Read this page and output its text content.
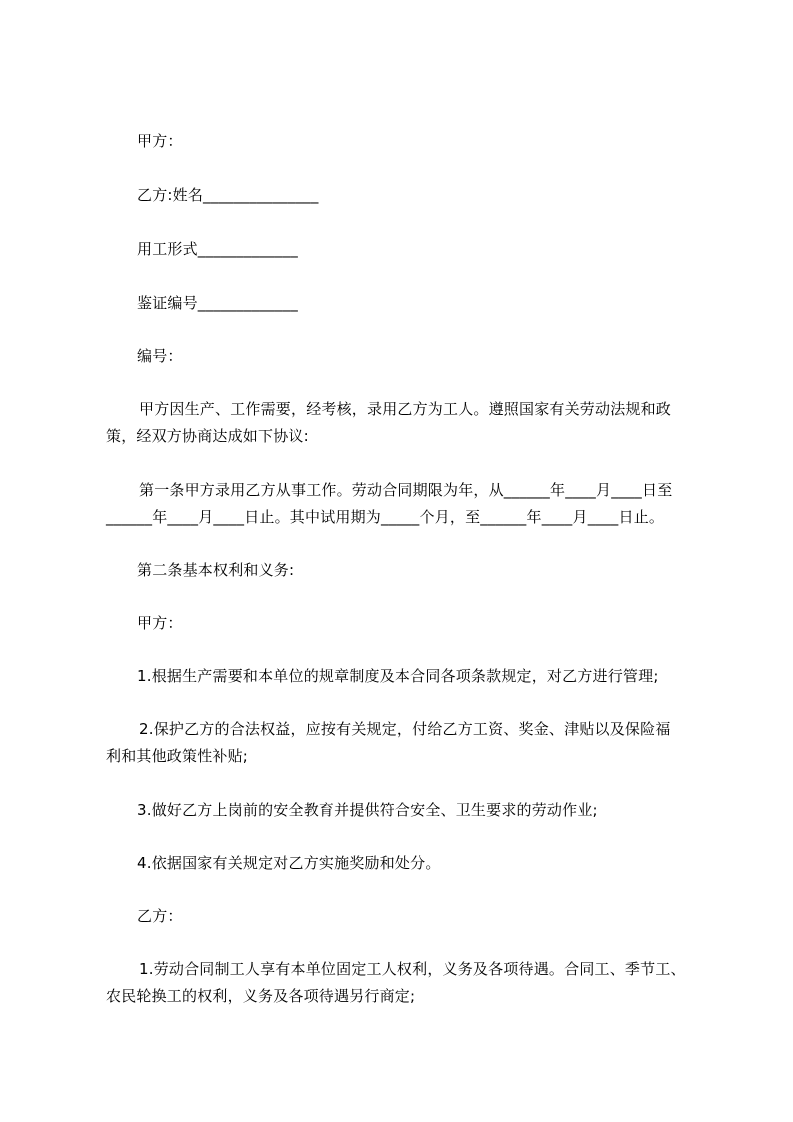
甲方：
乙方:姓名_______________
用工形式_____________
鉴证编号_____________
编号：
甲方因生产、工作需要，经考核，录用乙方为工人。遵照国家有关劳动法规和政
策，经双方协商达成如下协议:
第一条甲方录用乙方从事工作。劳动合同期限为年，从______年____月____日至
______年____月____日止。其中试用期为_____个月，至______年____月____日止。
第二条基本权利和义务:
甲方：
1.根据生产需要和本单位的规章制度及本合同各项条款规定，对乙方进行管理;
2.保护乙方的合法权益，应按有关规定，付给乙方工资、奖金、津贴以及保险福
利和其他政策性补贴;
3.做好乙方上岗前的安全教育并提供符合安全、卫生要求的劳动作业;
4.依据国家有关规定对乙方实施奖励和处分。
乙方：
1.劳动合同制工人享有本单位固定工人权利，义务及各项待遇。合同工、季节工、
农民轮换工的权利，义务及各项待遇另行商定;
